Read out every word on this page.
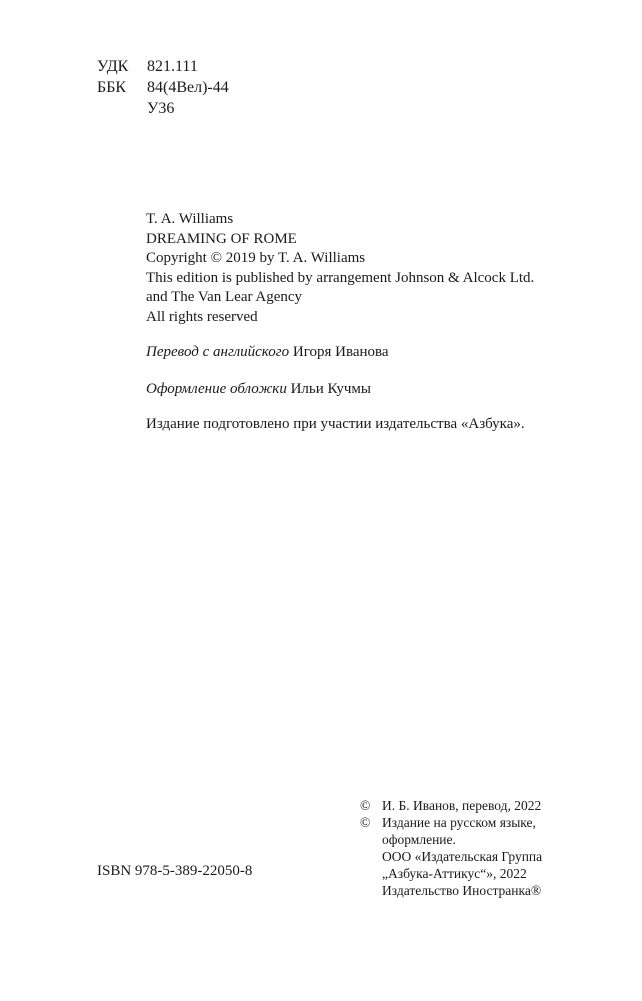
УДК	821.111
ББК	84(4Вел)-44
У36
T. A. Williams
DREAMING OF ROME
Copyright © 2019 by T. A. Williams
This edition is published by arrangement Johnson & Alcock Ltd.
and The Van Lear Agency
All rights reserved
Перевод с английского Игоря Иванова
Оформление обложки Ильи Кучмы
Издание подготовлено при участии издательства «Азбука».
© И. Б. Иванов, перевод, 2022
© Издание на русском языке,
оформление.
ООО «Издательская Группа
„Азбука-Аттикус“», 2022
Издательство Иностранка®
ISBN 978-5-389-22050-8
